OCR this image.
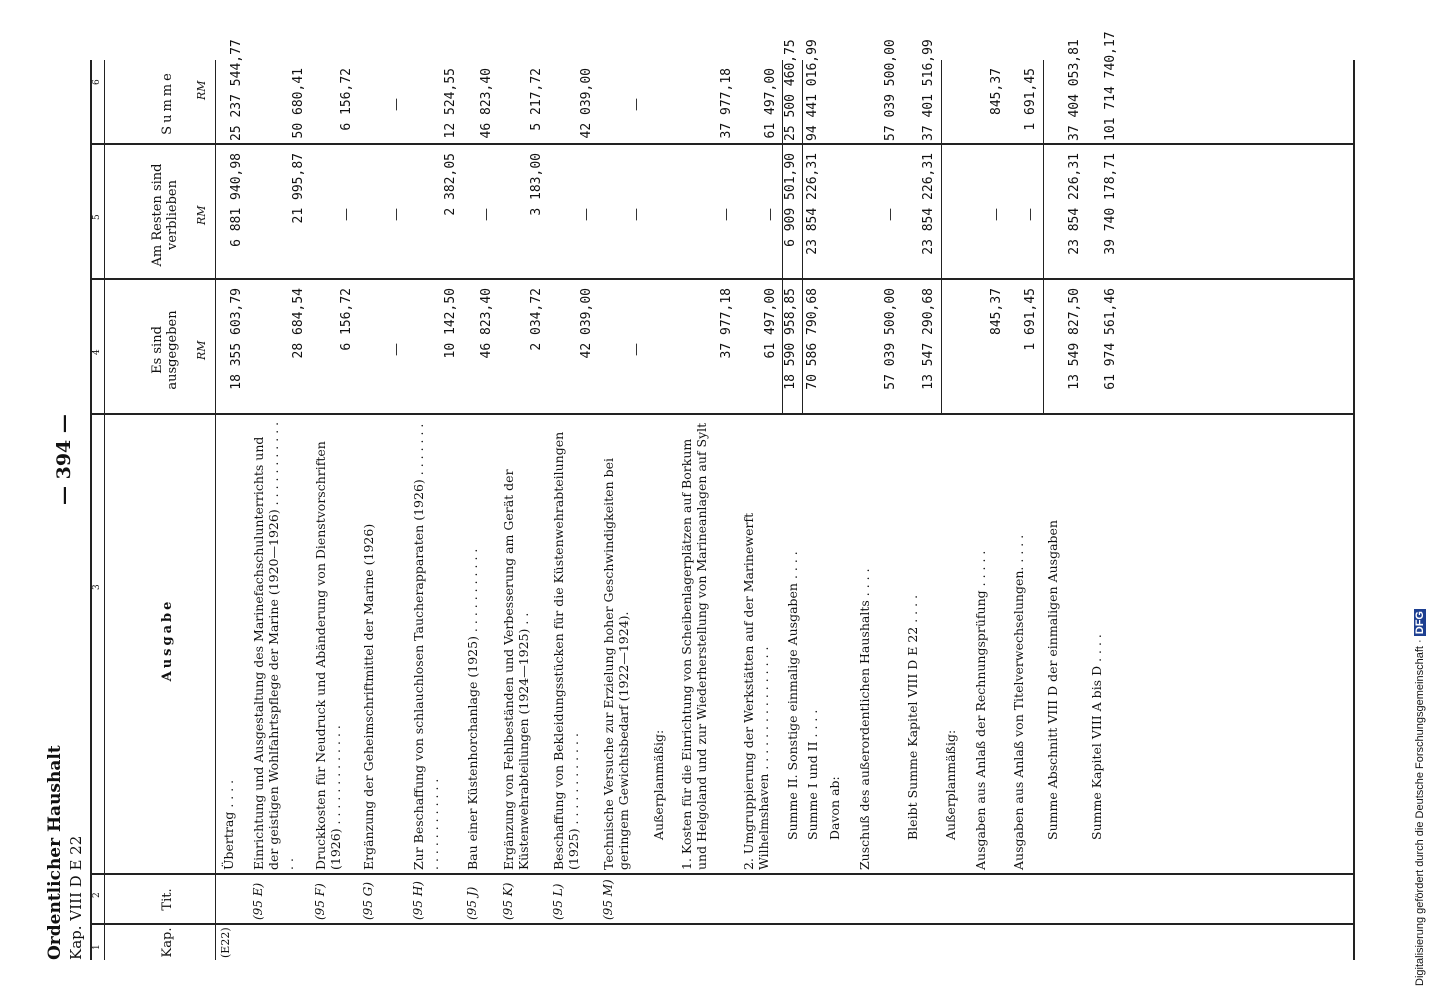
Ordentlicher Haushalt Kap. VIII D E 22
— 394 —
1
2
3
4
5
6
Kap.
Tit.
Ausgabe
Es sind ausgegeben
Am Resten sind verblieben
Summe
RM
RM
RM
(E22)
Übertrag . . . .
18 355 603,79
6 881 940,98
25 237 544,77
(95 E)
Einrichtung und Ausgestaltung des Marinefachschulunterrichts und der geistigen Wohlfahrtspflege der Marine (1920—1926) . . . . . . . . . . . . .
28 684,54
21 995,87
50 680,41
(95 F)
Druckkosten für Neudruck und Abänderung von Dienstvorschriften (1926) . . . . . . . . . . . . .
6 156,72
—
6 156,72
(95 G)
Ergänzung der Geheimschriftmittel der Marine (1926)
—
—
—
(95 H)
Zur Beschaffung von schlauchlosen Taucherapparaten (1926) . . . . . . . . . . . . . . . . . . .
10 142,50
2 382,05
12 524,55
(95 J)
Bau einer Küstenhorchanlage (1925) . . . . . . . . . . .
46 823,40
—
46 823,40
(95 K)
Ergänzung von Fehlbeständen und Verbesserung am Gerät der Küstenwehrabteilungen (1924—1925) . .
2 034,72
3 183,00
5 217,72
(95 L)
Beschaffung von Bekleidungsstücken für die Küstenwehrabteilungen (1925) . . . . . . . . . . . .
42 039,00
—
42 039,00
(95 M)
Technische Versuche zur Erzielung hoher Geschwindigkeiten bei geringem Gewichtsbedarf (1922—1924).
—
—
—
Außerplanmäßig: 1. Kosten für die Einrichtung von Scheibenlagerplätzen auf Borkum und Helgoland und zur Wiederherstellung von Marineanlagen auf Sylt
37 977,18
—
37 977,18
2. Umgruppierung der Werkstätten auf der Marinewerft Wilhelmshaven . . . . . . . . . . . . . . . .
61 497,00
—
61 497,00
Summe II. Sonstige einmalige Ausgaben . . . .
18 590 958,85
6 909 501,90
25 500 460,75
Summe I und II . . . .
70 586 790,68
23 854 226,31
94 441 016,99
Davon ab: Zuschuß des außerordentlichen Haushalts . . . .
57 039 500,00
—
57 039 500,00
Bleibt Summe Kapitel VIII D E 22 . . . .
13 547 290,68
23 854 226,31
37 401 516,99
Außerplanmäßig: Ausgaben aus Anlaß der Rechnungsprüfung . . . . .
845,37
—
845,37
Ausgaben aus Anlaß von Titelverwechselungen. . . . .
1 691,45
—
1 691,45
Summe Abschnitt VIII D der einmaligen Ausgaben
13 549 827,50
23 854 226,31
37 404 053,81
Summe Kapitel VIII A bis D . . . .
61 974 561,46
39 740 178,71
101 714 740,17
Digitalisierung gefördert durch die Deutsche Forschungsgemeinschaft · DFG
